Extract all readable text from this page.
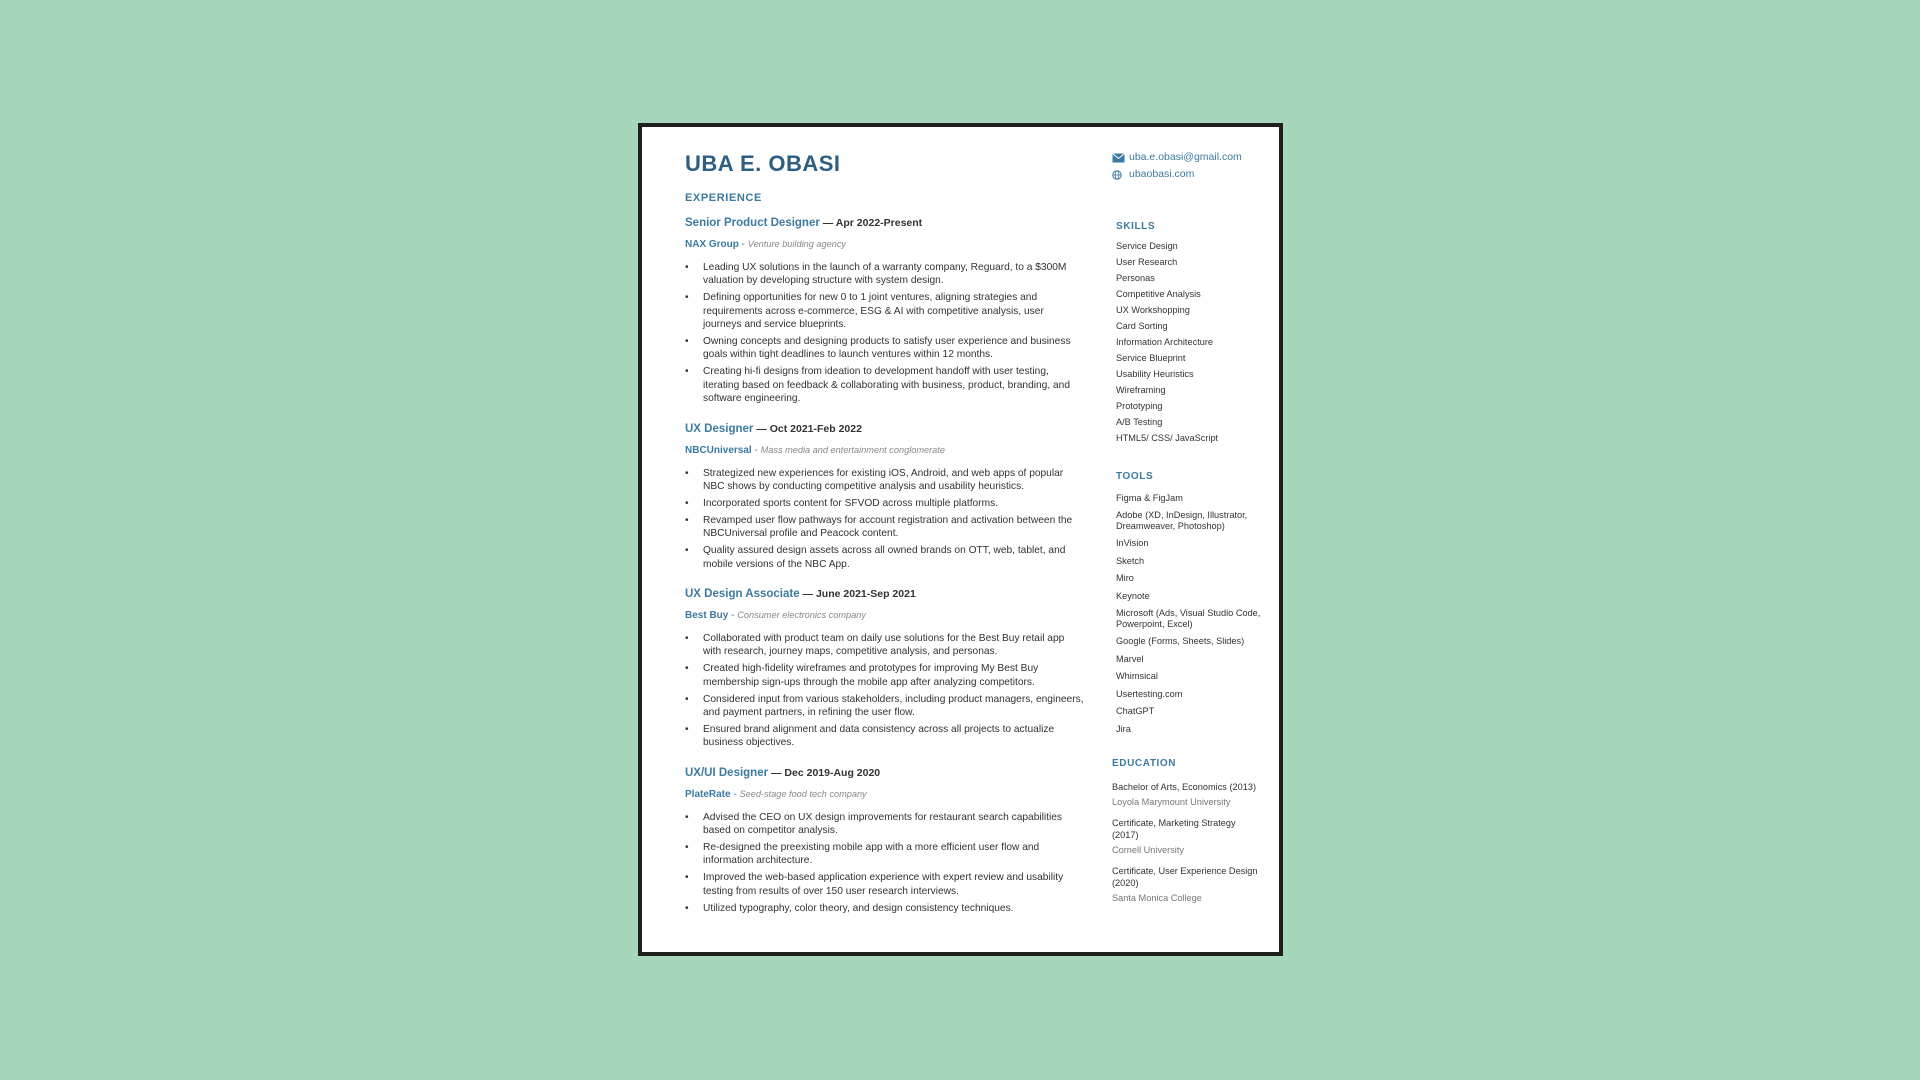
UBA E. OBASI
EXPERIENCE
Senior Product Designer — Apr 2022-Present
NAX Group - Venture building agency
• Leading UX solutions in the launch of a warranty company, Reguard, to a $300M valuation by developing structure with system design.
• Defining opportunities for new 0 to 1 joint ventures, aligning strategies and requirements across e-commerce, ESG & AI with competitive analysis, user journeys and service blueprints.
• Owning concepts and designing products to satisfy user experience and business goals within tight deadlines to launch ventures within 12 months.
• Creating hi-fi designs from ideation to development handoff with user testing, iterating based on feedback & collaborating with business, product, branding, and software engineering.
UX Designer — Oct 2021-Feb 2022
NBCUniversal - Mass media and entertainment conglomerate
• Strategized new experiences for existing iOS, Android, and web apps of popular NBC shows by conducting competitive analysis and usability heuristics.
• Incorporated sports content for SFVOD across multiple platforms.
• Revamped user flow pathways for account registration and activation between the NBCUniversal profile and Peacock content.
• Quality assured design assets across all owned brands on OTT, web, tablet, and mobile versions of the NBC App.
UX Design Associate — June 2021-Sep 2021
Best Buy - Consumer electronics company
• Collaborated with product team on daily use solutions for the Best Buy retail app with research, journey maps, competitive analysis, and personas.
• Created high-fidelity wireframes and prototypes for improving My Best Buy membership sign-ups through the mobile app after analyzing competitors.
• Considered input from various stakeholders, including product managers, engineers, and payment partners, in refining the user flow.
• Ensured brand alignment and data consistency across all projects to actualize business objectives.
UX/UI Designer — Dec 2019-Aug 2020
PlateRate - Seed-stage food tech company
• Advised the CEO on UX design improvements for restaurant search capabilities based on competitor analysis.
• Re-designed the preexisting mobile app with a more efficient user flow and information architecture.
• Improved the web-based application experience with expert review and usability testing from results of over 150 user research interviews.
• Utilized typography, color theory, and design consistency techniques.
uba.e.obasi@gmail.com
ubaobasi.com
SKILLS
Service Design
User Research
Personas
Competitive Analysis
UX Workshopping
Card Sorting
Information Architecture
Service Blueprint
Usability Heuristics
Wireframing
Prototyping
A/B Testing
HTML5/ CSS/ JavaScript
TOOLS
Figma & FigJam
Adobe (XD, InDesign, Illustrator, Dreamweaver, Photoshop)
InVision
Sketch
Miro
Keynote
Microsoft (Ads, Visual Studio Code, Powerpoint, Excel)
Google (Forms, Sheets, Slides)
Marvel
Whimsical
Usertesting.com
ChatGPT
Jira
EDUCATION
Bachelor of Arts, Economics (2013)
Loyola Marymount University
Certificate, Marketing Strategy (2017)
Cornell University
Certificate, User Experience Design (2020)
Santa Monica College
